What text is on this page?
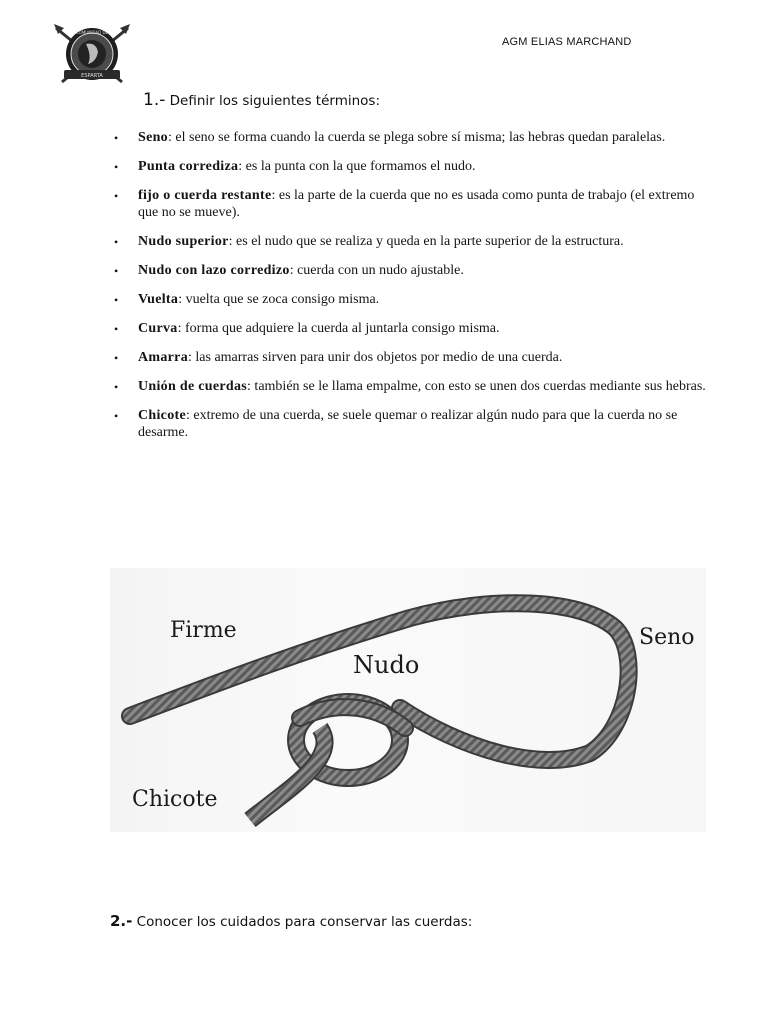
ESPARTA
COMUNIDAD DE
AGM ELIAS MARCHAND
1.- Definir los siguientes términos:
• Seno: el seno se forma cuando la cuerda se plega sobre sí misma; las hebras quedan paralelas.
• Punta corrediza: es la punta con la que formamos el nudo.
• fijo o cuerda restante: es la parte de la cuerda que no es usada como punta de trabajo (el extremo que no se mueve).
• Nudo superior: es el nudo que se realiza y queda en la parte superior de la estructura.
• Nudo con lazo corredizo: cuerda con un nudo ajustable.
• Vuelta: vuelta que se zoca consigo misma.
• Curva: forma que adquiere la cuerda al juntarla consigo misma.
• Amarra: las amarras sirven para unir dos objetos por medio de una cuerda.
• Unión de cuerdas: también se le llama empalme, con esto se unen dos cuerdas mediante sus hebras.
• Chicote: extremo de una cuerda, se suele quemar o realizar algún nudo para que la cuerda no se desarme.
Firme
Nudo
Seno
Chicote
2.- Conocer los cuidados para conservar las cuerdas:
